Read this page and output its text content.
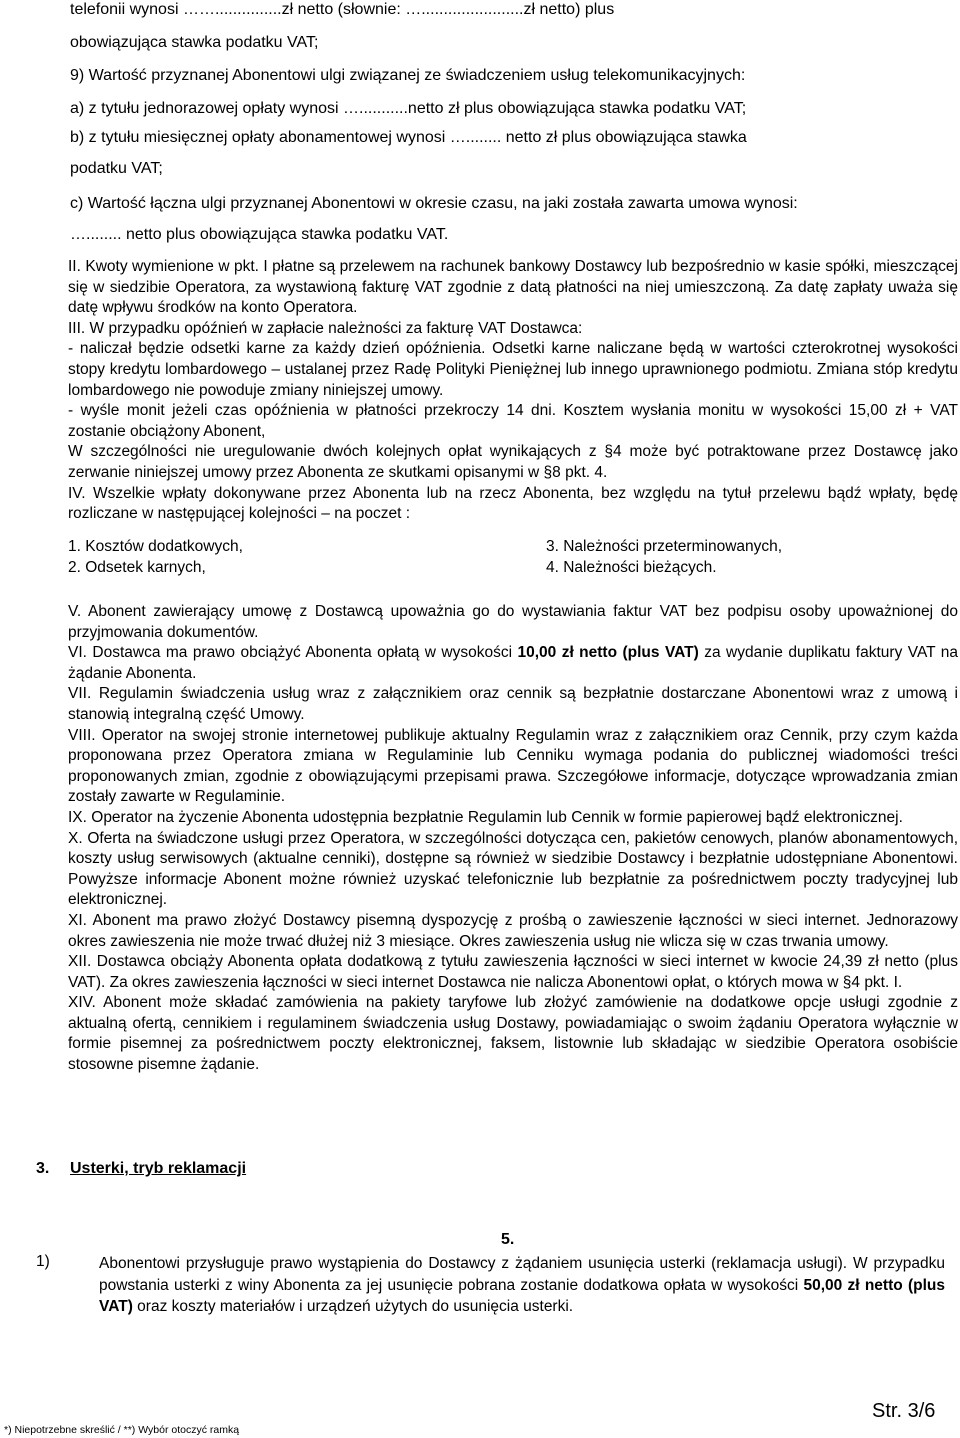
telefonii wynosi ……...............zł netto (słownie: ….......................zł netto) plus
obowiązująca stawka podatku VAT;
9) Wartość przyznanej Abonentowi ulgi związanej ze świadczeniem usług telekomunikacyjnych:
a) z tytułu jednorazowej opłaty wynosi …...........netto zł plus obowiązująca stawka podatku VAT;
b) z tytułu miesięcznej opłaty abonamentowej wynosi …........ netto zł plus obowiązująca stawka
podatku VAT;
c) Wartość łączna ulgi przyznanej Abonentowi w okresie czasu, na jaki została zawarta umowa wynosi:
…........ netto plus obowiązująca stawka podatku VAT.

II. Kwoty wymienione w pkt. I płatne są przelewem na rachunek bankowy Dostawcy lub bezpośrednio w kasie spółki, mieszczącej się w siedzibie Operatora, za wystawioną fakturę VAT zgodnie z datą płatności na niej umieszczoną. Za datę zapłaty uważa się datę wpływu środków na konto Operatora.

III. W przypadku opóźnień w zapłacie należności za fakturę VAT Dostawca:

- naliczał będzie odsetki karne za każdy dzień opóźnienia. Odsetki karne naliczane będą w wartości czterokrotnej wysokości stopy kredytu lombardowego – ustalanej przez Radę Polityki Pieniężnej lub innego uprawnionego podmiotu. Zmiana stóp kredytu lombardowego nie powoduje zmiany niniejszej umowy.

- wyśle monit jeżeli czas opóźnienia w płatności przekroczy 14 dni. Kosztem wysłania monitu w wysokości 15,00 zł + VAT zostanie obciążony Abonent,

W szczególności nie uregulowanie dwóch kolejnych opłat wynikających z §4 może być potraktowane przez Dostawcę jako zerwanie niniejszej umowy przez Abonenta ze skutkami opisanymi w §8 pkt. 4.

IV. Wszelkie wpłaty dokonywane przez Abonenta lub na rzecz Abonenta, bez względu na tytuł przelewu bądź wpłaty, będę rozliczane w następującej kolejności – na poczet :

1. Kosztów dodatkowych,	3. Należności przeterminowanych,
2. Odsetek karnych,	4. Należności bieżących.

V. Abonent zawierający umowę z Dostawcą upoważnia go do wystawiania faktur VAT bez podpisu osoby upoważnionej do przyjmowania dokumentów.

VI. Dostawca ma prawo obciążyć Abonenta opłatą w wysokości 10,00 zł netto (plus VAT) za wydanie duplikatu faktury VAT na żądanie Abonenta.

VII. Regulamin świadczenia usług wraz z załącznikiem oraz cennik są bezpłatnie dostarczane Abonentowi wraz z umową i stanowią integralną część Umowy.

VIII. Operator na swojej stronie internetowej publikuje aktualny Regulamin wraz z załącznikiem oraz Cennik, przy czym każda proponowana przez Operatora zmiana w Regulaminie lub Cenniku wymaga podania do publicznej wiadomości treści proponowanych zmian, zgodnie z obowiązującymi przepisami prawa. Szczegółowe informacje, dotyczące wprowadzania zmian zostały zawarte w Regulaminie.

IX. Operator na życzenie Abonenta udostępnia bezpłatnie Regulamin lub Cennik w formie papierowej bądź elektronicznej.

X. Oferta na świadczone usługi przez Operatora, w szczególności dotycząca cen, pakietów cenowych, planów abonamentowych, koszty usług serwisowych (aktualne cenniki), dostępne są również w siedzibie Dostawcy i bezpłatnie udostępniane Abonentowi. Powyższe informacje Abonent możne również uzyskać telefonicznie lub bezpłatnie za pośrednictwem poczty tradycyjnej lub elektronicznej.

XI. Abonent ma prawo złożyć Dostawcy pisemną dyspozycję z prośbą o zawieszenie łączności w sieci internet. Jednorazowy okres zawieszenia nie może trwać dłużej niż 3 miesiące. Okres zawieszenia usług nie wlicza się w czas trwania umowy.

XII. Dostawca obciąży Abonenta opłata dodatkową z tytułu zawieszenia łączności w sieci internet w kwocie 24,39 zł netto (plus VAT). Za okres zawieszenia łączności w sieci internet Dostawca nie nalicza Abonentowi opłat, o których mowa w §4 pkt. I.

XIV. Abonent może składać zamówienia na pakiety taryfowe lub złożyć zamówienie na dodatkowe opcje usługi zgodnie z aktualną ofertą, cennikiem i regulaminem świadczenia usług Dostawy, powiadamiając o swoim żądaniu Operatora wyłącznie w formie pisemnej za pośrednictwem poczty elektronicznej, faksem, listownie lub składając w siedzibie Operatora osobiście stosowne pisemne żądanie.

3. Usterki, tryb reklamacji
5.
1)	Abonentowi przysługuje prawo wystąpienia do Dostawcy z żądaniem usunięcia usterki (reklamacja usługi). W przypadku powstania usterki z winy Abonenta za jej usunięcie pobrana zostanie dodatkowa opłata w wysokości 50,00 zł netto (plus VAT) oraz koszty materiałów i urządzeń użytych do usunięcia usterki.
*) Niepotrzebne skreślić / **) Wybór otoczyć ramką
Str. 3/6
